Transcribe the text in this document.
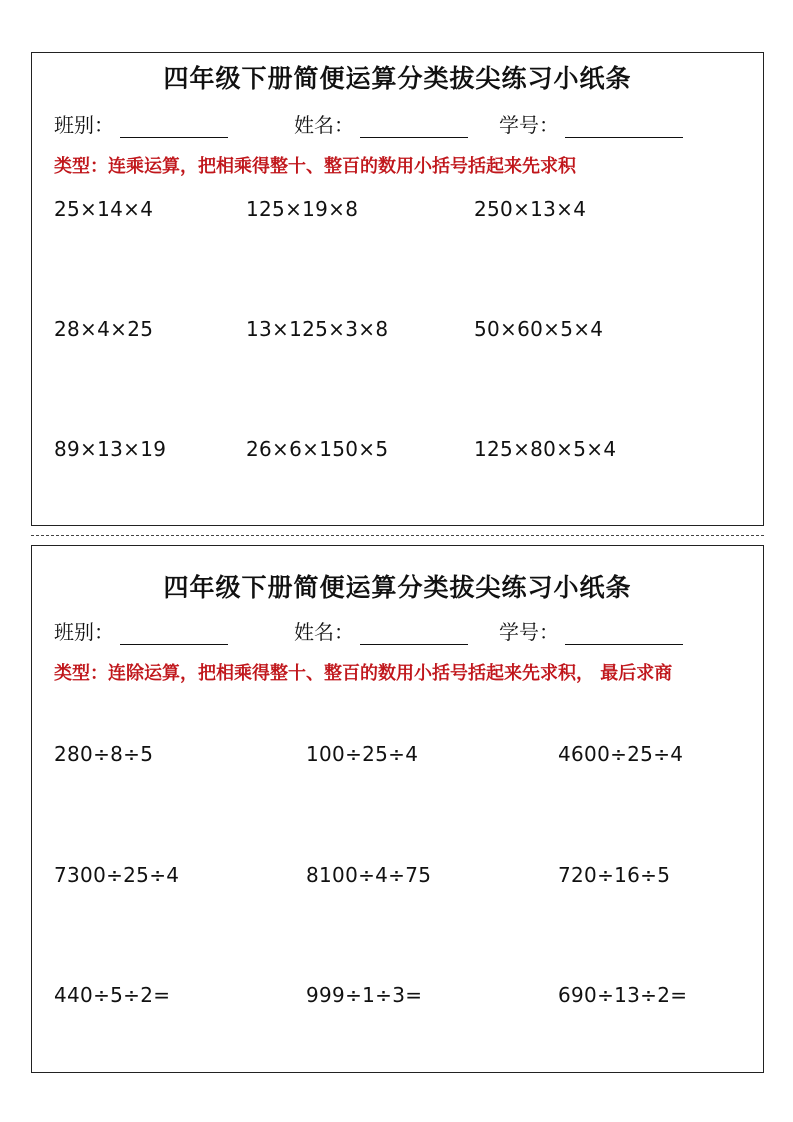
四年级下册简便运算分类拔尖练习小纸条
班别：	姓名：	学号：
类型：连乘运算，把相乘得整十、整百的数用小括号括起来先求积
25×14×4	125×19×8	250×13×4
28×4×25	13×125×3×8	50×60×5×4
89×13×19	26×6×150×5	125×80×5×4
四年级下册简便运算分类拔尖练习小纸条
班别：	姓名：	学号：
类型：连除运算，把相乘得整十、整百的数用小括号括起来先求积， 最后求商
280÷8÷5	100÷25÷4	4600÷25÷4
7300÷25÷4	8100÷4÷75	720÷16÷5
440÷5÷2=	999÷1÷3=	690÷13÷2=
